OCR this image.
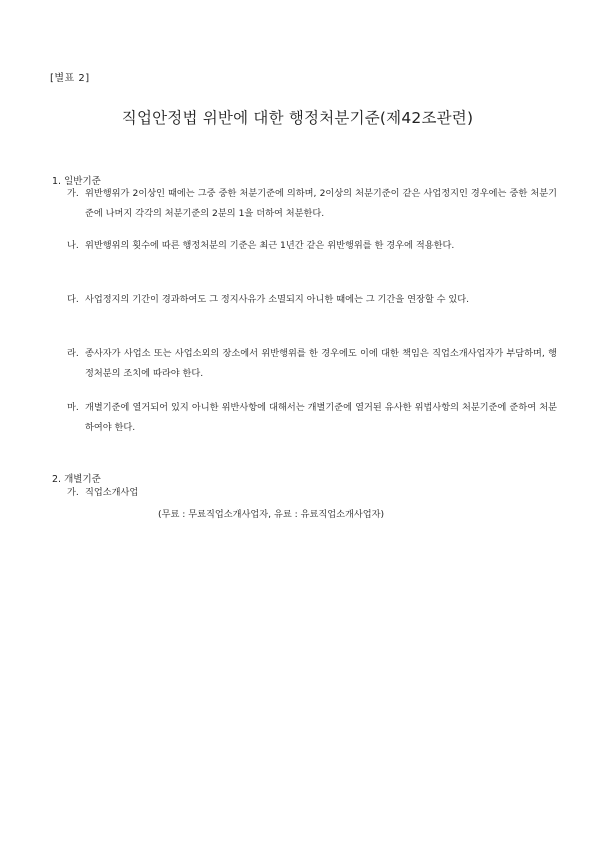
[별표 2]
직업안정법 위반에 대한 행정처분기준(제42조관련)
1. 일반기준
가. 위반행위가 2이상인 때에는 그중 중한 처분기준에 의하며, 2이상의 처분기준이 같은 사업정지인 경우에는 중한 처분기준에 나머지 각각의 처분기준의 2분의 1을 더하여 처분한다.
나. 위반행위의 횟수에 따른 행정처분의 기준은 최근 1년간 같은 위반행위를 한 경우에 적용한다.
다. 사업정지의 기간이 경과하여도 그 정지사유가 소멸되지 아니한 때에는 그 기간을 연장할 수 있다.
라. 종사자가 사업소 또는 사업소외의 장소에서 위반행위를 한 경우에도 이에 대한 책임은 직업소개사업자가 부담하며, 행정처분의 조치에 따라야 한다.
마. 개별기준에 열거되어 있지 아니한 위반사항에 대해서는 개별기준에 열거된 유사한 위법사항의 처분기준에 준하여 처분하여야 한다.
2. 개별기준
가. 직업소개사업
(무료 : 무료직업소개사업자, 유료 : 유료직업소개사업자)
